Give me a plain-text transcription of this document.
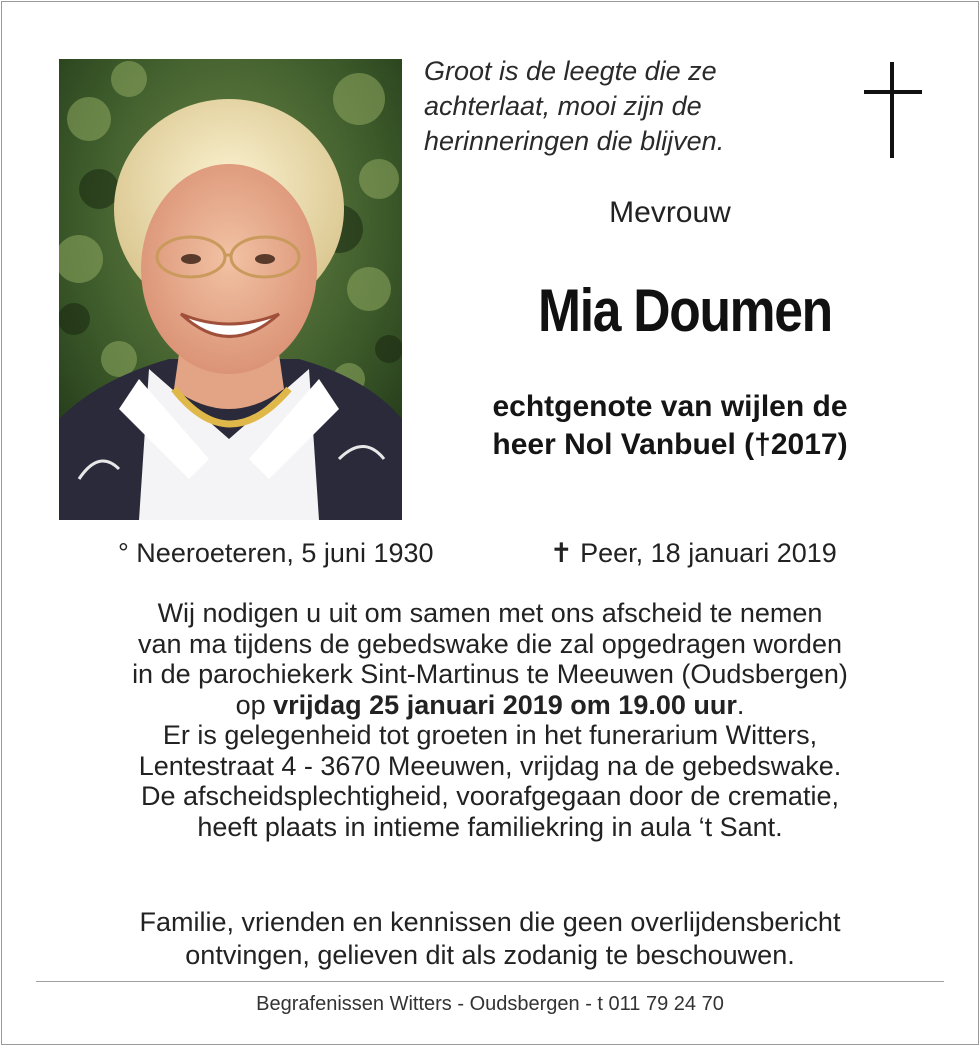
Groot is de leegte die ze
achterlaat, mooi zijn de
herinneringen die blijven.
Mevrouw
Mia Doumen
echtgenote van wijlen de
heer Nol Vanbuel (†2017)
° Neeroeteren, 5 juni 1930	✝ Peer, 18 januari 2019

Wij nodigen u uit om samen met ons afscheid te nemen

van ma tijdens de gebedswake die zal opgedragen worden

in de parochiekerk Sint-Martinus te Meeuwen (Oudsbergen)

op vrijdag 25 januari 2019 om 19.00 uur.

Er is gelegenheid tot groeten in het funerarium Witters,

Lentestraat 4 - 3670 Meeuwen, vrijdag na de gebedswake.

De afscheidsplechtigheid, voorafgegaan door de crematie,

heeft plaats in intieme familiekring in aula ‘t Sant.

Familie, vrienden en kennissen die geen overlijdensbericht

ontvingen, gelieven dit als zodanig te beschouwen.

Begrafenissen Witters - Oudsbergen - t 011 79 24 70
